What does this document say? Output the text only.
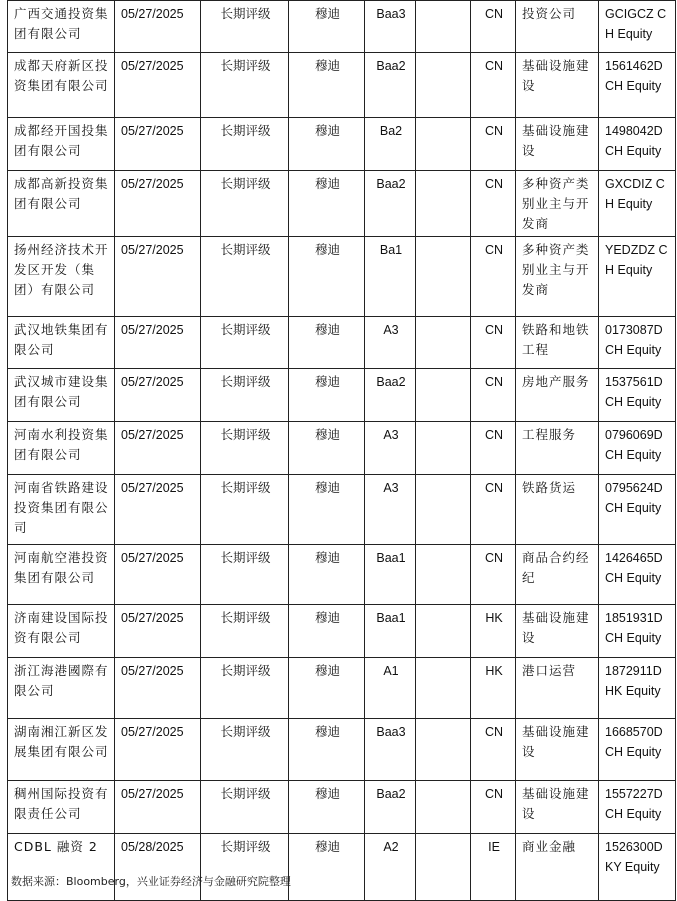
广西交通投资集团有限公司	05/27/2025	长期评级	穆迪	Baa3		CN	投资公司	GCIGCZ CH Equity
成都天府新区投资集团有限公司	05/27/2025	长期评级	穆迪	Baa2		CN	基础设施建设	1561462D CH Equity
成都经开国投集团有限公司	05/27/2025	长期评级	穆迪	Ba2		CN	基础设施建设	1498042D CH Equity
成都高新投资集团有限公司	05/27/2025	长期评级	穆迪	Baa2		CN	多种资产类别业主与开发商	GXCDIZ CH Equity
扬州经济技术开发区开发（集团）有限公司	05/27/2025	长期评级	穆迪	Ba1		CN	多种资产类别业主与开发商	YEDZDZ CH Equity
武汉地铁集团有限公司	05/27/2025	长期评级	穆迪	A3		CN	铁路和地铁工程	0173087D CH Equity
武汉城市建设集团有限公司	05/27/2025	长期评级	穆迪	Baa2		CN	房地产服务	1537561D CH Equity
河南水利投资集团有限公司	05/27/2025	长期评级	穆迪	A3		CN	工程服务	0796069D CH Equity
河南省铁路建设投资集团有限公司	05/27/2025	长期评级	穆迪	A3		CN	铁路货运	0795624D CH Equity
河南航空港投资集团有限公司	05/27/2025	长期评级	穆迪	Baa1		CN	商品合约经纪	1426465D CH Equity
济南建设国际投资有限公司	05/27/2025	长期评级	穆迪	Baa1		HK	基础设施建设	1851931D CH Equity
浙江海港國際有限公司	05/27/2025	长期评级	穆迪	A1		HK	港口运营	1872911D HK Equity
湖南湘江新区发展集团有限公司	05/27/2025	长期评级	穆迪	Baa3		CN	基础设施建设	1668570D CH Equity
稠州国际投资有限责任公司	05/27/2025	长期评级	穆迪	Baa2		CN	基础设施建设	1557227D CH Equity
CDBL 融资 2	05/28/2025	长期评级	穆迪	A2		IE	商业金融	1526300D KY Equity
数据来源：Bloomberg，兴业证券经济与金融研究院整理
